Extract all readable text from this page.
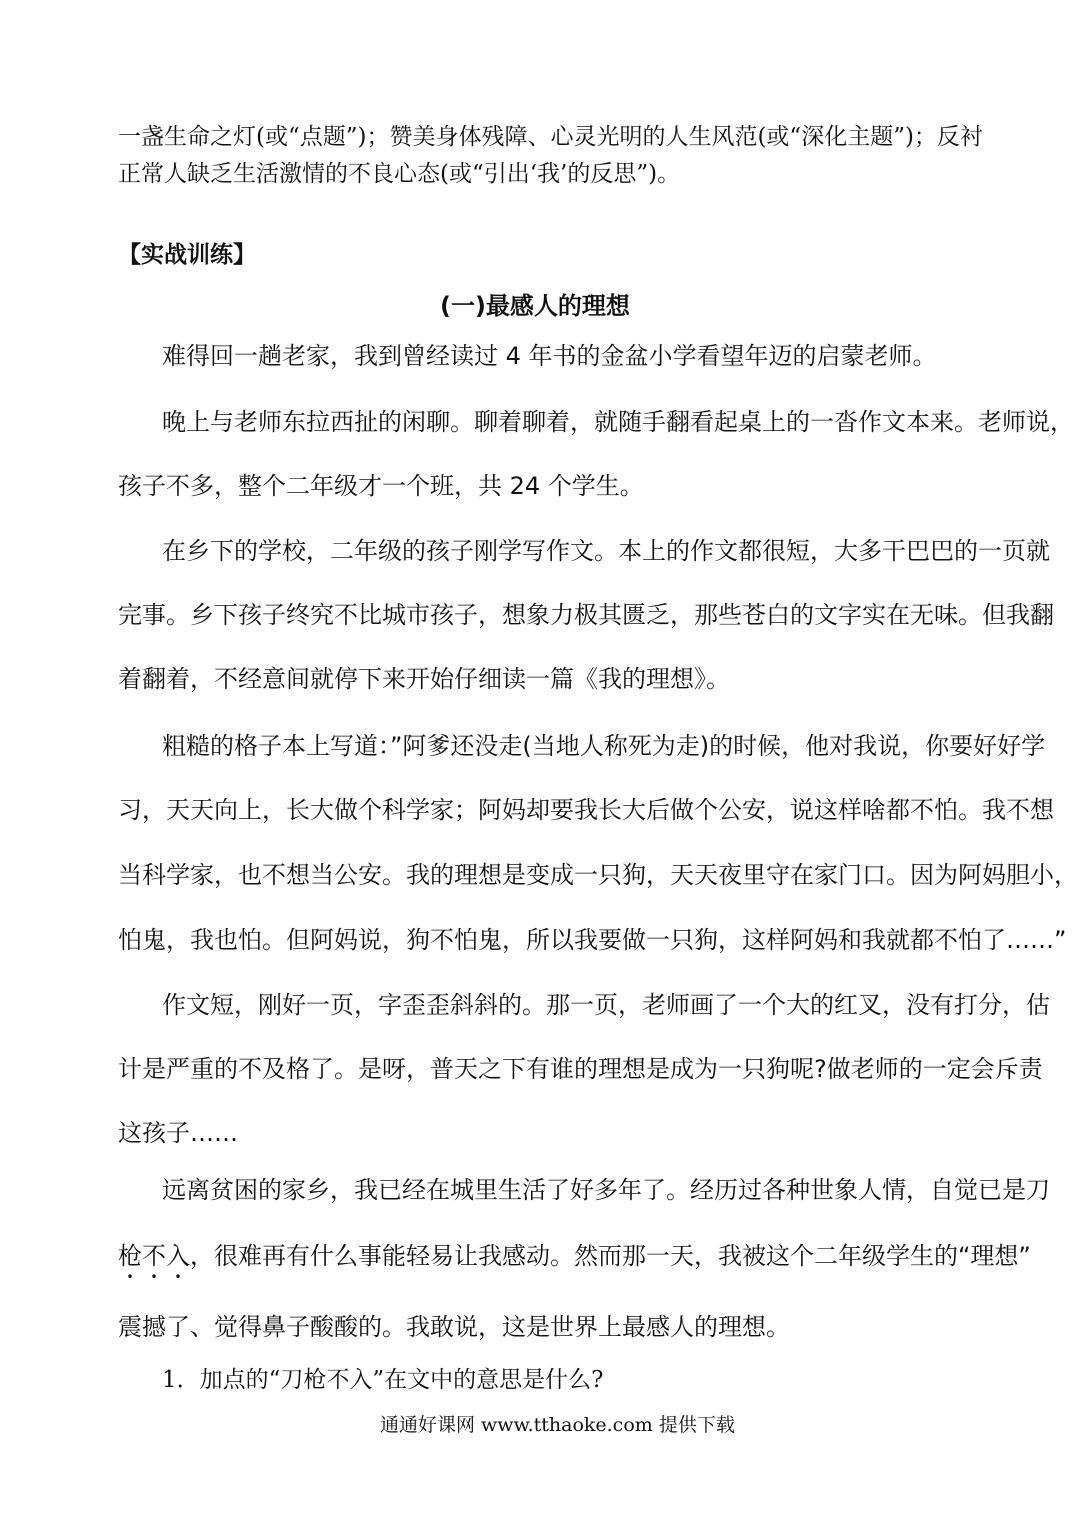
一盏生命之灯(或“点题”)；赞美身体残障、心灵光明的人生风范(或“深化主题”)；反衬

正常人缺乏生活激情的不良心态(或“引出‘我’的反思”)。

【实战训练】

(一)最感人的理想

难得回一趟老家，我到曾经读过 4 年书的金盆小学看望年迈的启蒙老师。

晚上与老师东拉西扯的闲聊。聊着聊着，就随手翻看起桌上的一沓作文本来。老师说，

孩子不多，整个二年级才一个班，共 24 个学生。

在乡下的学校，二年级的孩子刚学写作文。本上的作文都很短，大多干巴巴的一页就

完事。乡下孩子终究不比城市孩子，想象力极其匮乏，那些苍白的文字实在无味。但我翻

着翻着，不经意间就停下来开始仔细读一篇《我的理想》。

粗糙的格子本上写道：”阿爹还没走(当地人称死为走)的时候，他对我说，你要好好学

习，天天向上，长大做个科学家；阿妈却要我长大后做个公安，说这样啥都不怕。我不想

当科学家，也不想当公安。我的理想是变成一只狗，天天夜里守在家门口。因为阿妈胆小，

怕鬼，我也怕。但阿妈说，狗不怕鬼，所以我要做一只狗，这样阿妈和我就都不怕了……”

作文短，刚好一页，字歪歪斜斜的。那一页，老师画了一个大的红叉，没有打分，估

计是严重的不及格了。是呀，普天之下有谁的理想是成为一只狗呢?做老师的一定会斥责

这孩子……

远离贫困的家乡，我已经在城里生活了好多年了。经历过各种世象人情，自觉已是刀

枪不入，很难再有什么事能轻易让我感动。然而那一天，我被这个二年级学生的“理想”

震撼了、觉得鼻子酸酸的。我敢说，这是世界上最感人的理想。

1．加点的“刀枪不入”在文中的意思是什么?

通通好课网 www.tthaoke.com 提供下载
